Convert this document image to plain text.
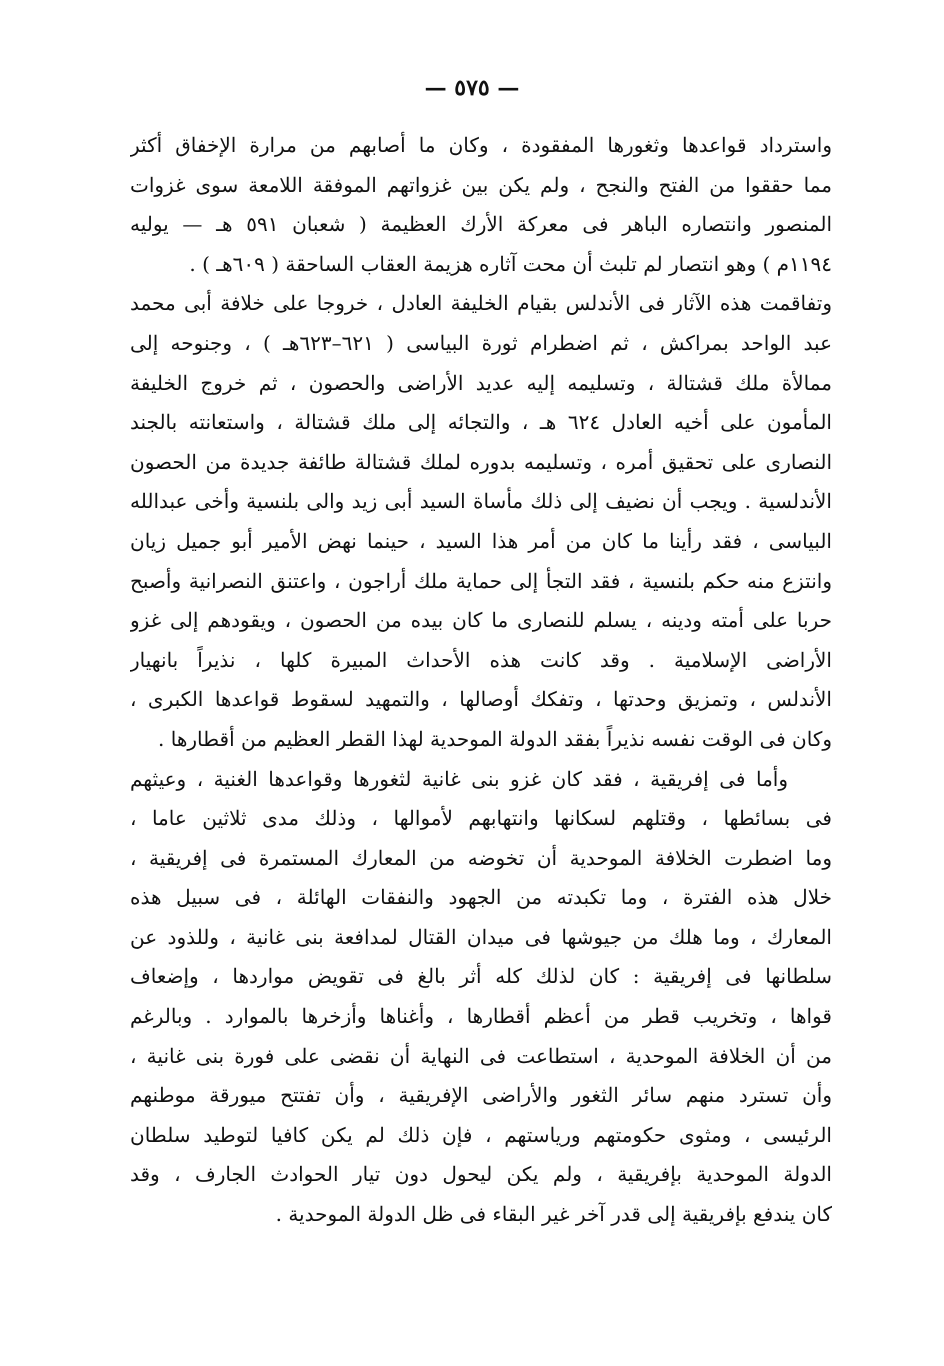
— ٥٧٥ —
واسترداد قواعدها وثغورها المفقودة ، وكان ما أصابهم من مرارة الإخفاق أكثر
مما حققوا من الفتح والنجح ، ولم يكن بين غزواتهم الموفقة اللامعة سوى غزوات
المنصور وانتصاره الباهر فى معركة الأرك العظيمة ( شعبان ٥٩١ هـ — يوليه
١١٩٤م ) وهو انتصار لم تلبث أن محت آثاره هزيمة العقاب الساحقة ( ٦٠٩هـ ) .
وتفاقمت هذه الآثار فى الأندلس بقيام الخليفة العادل ، خروجا على خلافة أبى محمد
عبد الواحد بمراكش ، ثم اضطرام ثورة البياسى ( ٦٢١–٦٢٣هـ ) ، وجنوحه إلى
ممالأة ملك قشتالة ، وتسليمه إليه عديد الأراضى والحصون ، ثم خروج الخليفة
المأمون على أخيه العادل ٦٢٤ هـ ، والتجائه إلى ملك قشتالة ، واستعانته بالجند
النصارى على تحقيق أمره ، وتسليمه بدوره لملك قشتالة طائفة جديدة من الحصون
الأندلسية . ويجب أن نضيف إلى ذلك مأساة السيد أبى زيد والى بلنسية وأخى عبدالله
البياسى ، فقد رأينا ما كان من أمر هذا السيد ، حينما نهض الأمير أبو جميل زيان
وانتزع منه حكم بلنسية ، فقد التجأ إلى حماية ملك أراجون ، واعتنق النصرانية وأصبح
حربا على أمته ودينه ، يسلم للنصارى ما كان بيده من الحصون ، ويقودهم إلى غزو
الأراضى الإسلامية . وقد كانت هذه الأحداث المبيرة كلها ، نذيراً بانهيار
الأندلس ، وتمزيق وحدتها ، وتفكك أوصالها ، والتمهيد لسقوط قواعدها الكبرى ،
وكان فى الوقت نفسه نذيراً بفقد الدولة الموحدية لهذا القطر العظيم من أقطارها .
وأما فى إفريقية ، فقد كان غزو بنى غانية لثغورها وقواعدها الغنية ، وعيثهم
فى بسائطها ، وقتلهم لسكانها وانتهابهم لأموالها ، وذلك مدى ثلاثين عاما ،
وما اضطرت الخلافة الموحدية أن تخوضه من المعارك المستمرة فى إفريقية ،
خلال هذه الفترة ، وما تكبدته من الجهود والنفقات الهائلة ، فى سبيل هذه
المعارك ، وما هلك من جيوشها فى ميدان القتال لمدافعة بنى غانية ، وللذود عن
سلطانها فى إفريقية : كان لذلك كله أثر بالغ فى تقويض مواردها ، وإضعاف
قواها ، وتخريب قطر من أعظم أقطارها ، وأغناها وأزخرها بالموارد . وبالرغم
من أن الخلافة الموحدية ، استطاعت فى النهاية أن نقضى على فورة بنى غانية ،
وأن تسترد منهم سائر الثغور والأراضى الإفريقية ، وأن تفتتح ميورقة موطنهم
الرئيسى ، ومثوى حكومتهم ورياستهم ، فإن ذلك لم يكن كافيا لتوطيد سلطان
الدولة الموحدية بإفريقية ، ولم يكن ليحول دون تيار الحوادث الجارف ، وقد
كان يندفع بإفريقية إلى قدر آخر غير البقاء فى ظل الدولة الموحدية .
